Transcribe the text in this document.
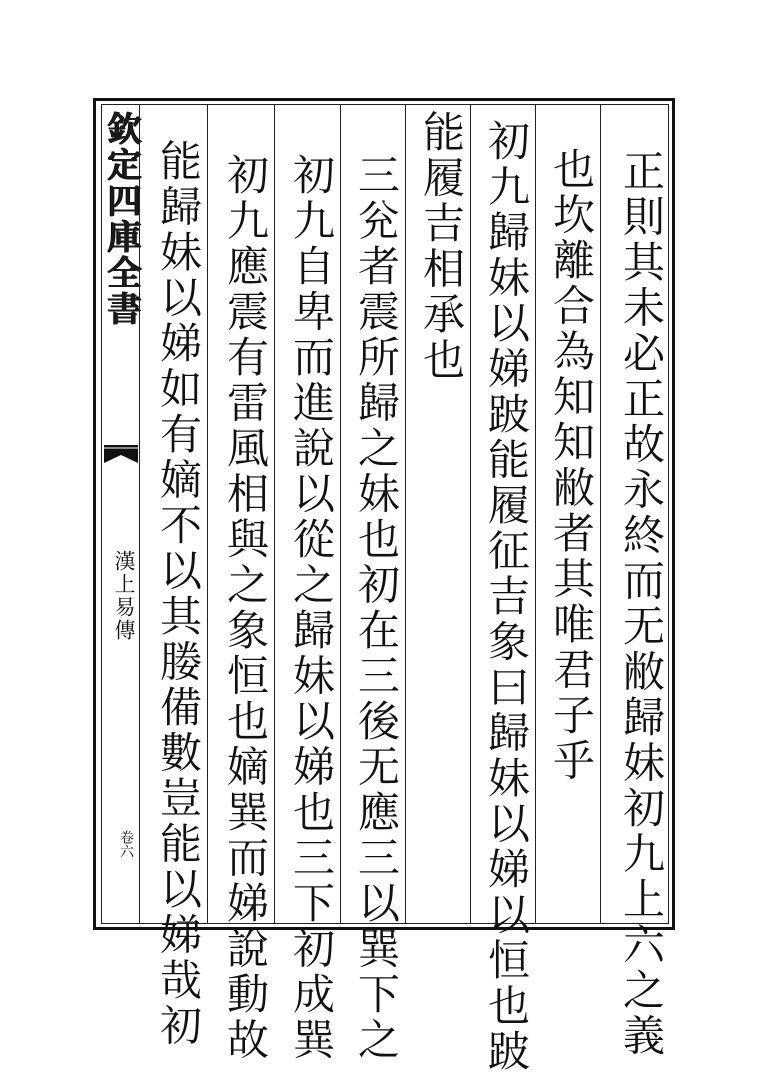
欽定四庫全書
漢上易傳
卷六	正則其未必正故永終而无敝歸妹初九上六之義
也坎離合為知知敝者其唯君子乎
初九歸妹以娣跛能履征吉象曰歸妹以娣以恒也跛
能履吉相承也
三兊者震所歸之妹也初在三後无應三以巽下之
初九自卑而進說以從之歸妹以娣也三下初成巽
初九應震有雷風相與之象恒也嫡巽而娣說動故
能歸妹以娣如有嫡不以其媵備數豈能以娣哉初
